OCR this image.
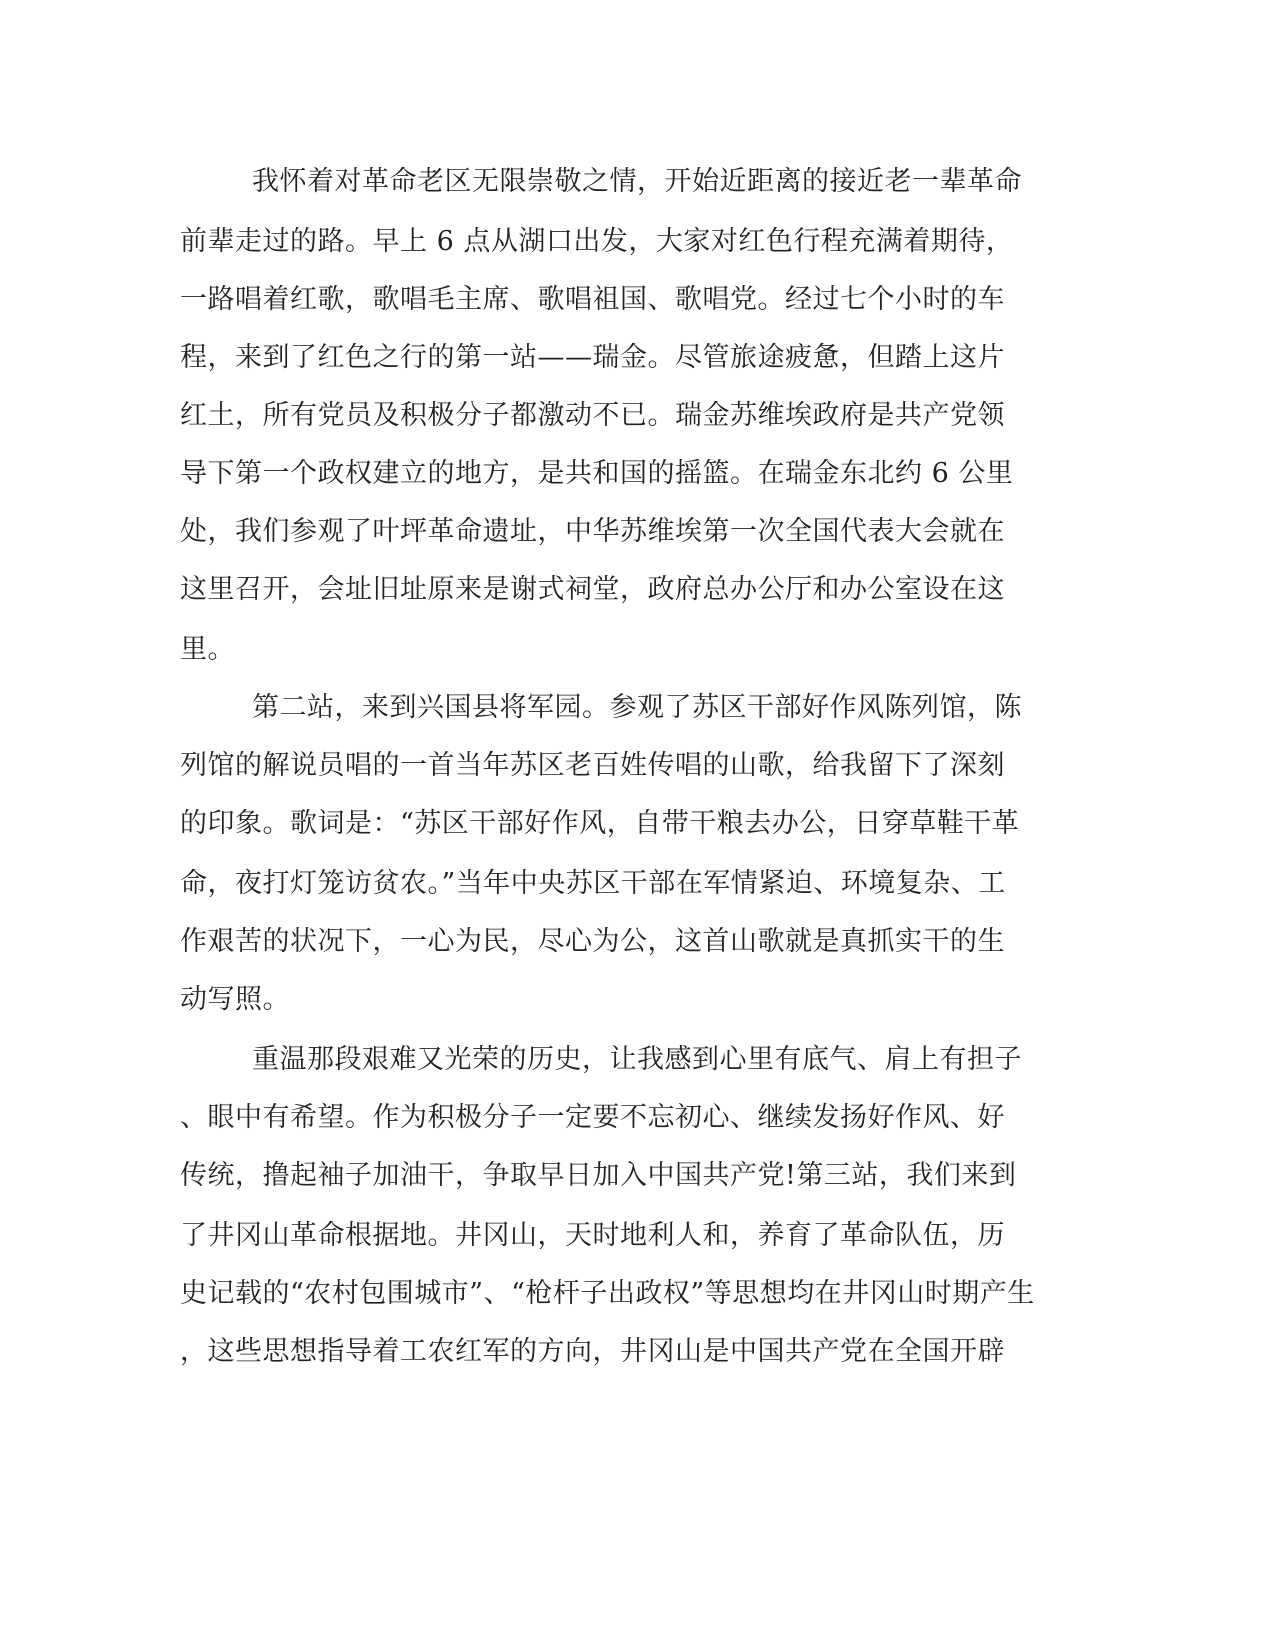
我怀着对革命老区无限崇敬之情，开始近距离的接近老一辈革命
前辈走过的路。早上 6 点从湖口出发，大家对红色行程充满着期待，
一路唱着红歌，歌唱毛主席、歌唱祖国、歌唱党。经过七个小时的车
程，来到了红色之行的第一站——瑞金。尽管旅途疲惫，但踏上这片
红土，所有党员及积极分子都激动不已。瑞金苏维埃政府是共产党领
导下第一个政权建立的地方，是共和国的摇篮。在瑞金东北约 6 公里
处，我们参观了叶坪革命遗址，中华苏维埃第一次全国代表大会就在
这里召开，会址旧址原来是谢式祠堂，政府总办公厅和办公室设在这
里。
第二站，来到兴国县将军园。参观了苏区干部好作风陈列馆，陈
列馆的解说员唱的一首当年苏区老百姓传唱的山歌，给我留下了深刻
的印象。歌词是：“苏区干部好作风，自带干粮去办公，日穿草鞋干革
命，夜打灯笼访贫农。”当年中央苏区干部在军情紧迫、环境复杂、工
作艰苦的状况下，一心为民，尽心为公，这首山歌就是真抓实干的生
动写照。
重温那段艰难又光荣的历史，让我感到心里有底气、肩上有担子
、眼中有希望。作为积极分子一定要不忘初心、继续发扬好作风、好
传统，撸起袖子加油干，争取早日加入中国共产党!第三站，我们来到
了井冈山革命根据地。井冈山，天时地利人和，养育了革命队伍，历
史记载的“农村包围城市”、“枪杆子出政权”等思想均在井冈山时期产生
，这些思想指导着工农红军的方向，井冈山是中国共产党在全国开辟
